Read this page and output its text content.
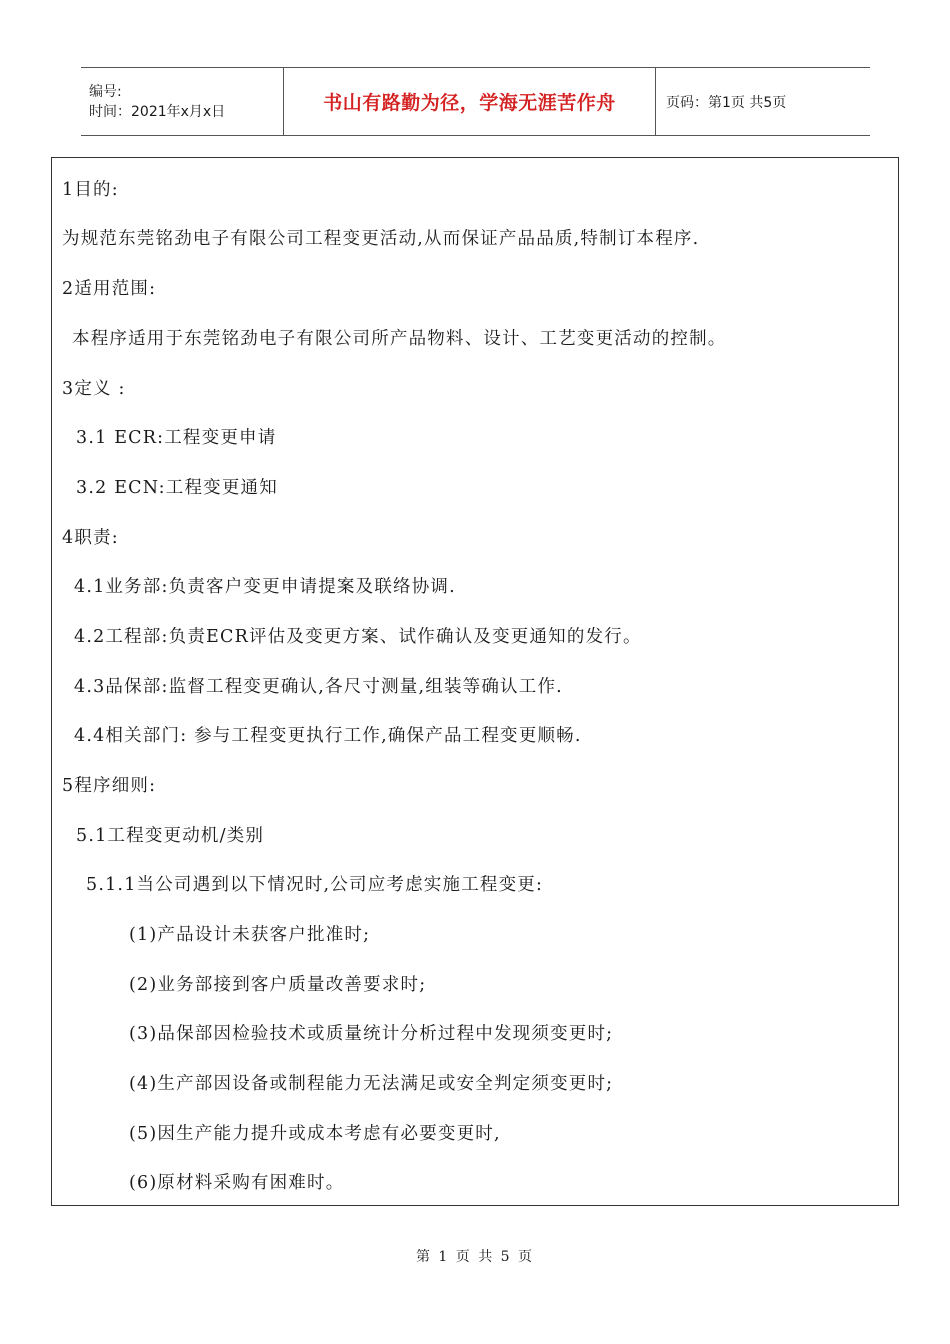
编号:
时间：2021年x月x日	书山有路勤为径，学海无涯苦作舟	页码：第1页 共5页
1目的:
为规范东莞铭劲电子有限公司工程变更活动,从而保证产品品质,特制订本程序.
2适用范围:
本程序适用于东莞铭劲电子有限公司所产品物料、设计、工艺变更活动的控制。
3定义 :
3.1 ECR:工程变更申请
3.2 ECN:工程变更通知
4职责:
4.1业务部:负责客户变更申请提案及联络协调.
4.2工程部:负责ECR评估及变更方案、试作确认及变更通知的发行。
4.3品保部:监督工程变更确认,各尺寸测量,组装等确认工作.
4.4相关部门: 参与工程变更执行工作,确保产品工程变更顺畅.
5程序细则:
5.1工程变更动机/类别
5.1.1当公司遇到以下情况时,公司应考虑实施工程变更:
(1)产品设计未获客户批准时;
(2)业务部接到客户质量改善要求时;
(3)品保部因检验技术或质量统计分析过程中发现须变更时;
(4)生产部因设备或制程能力无法满足或安全判定须变更时;
(5)因生产能力提升或成本考虑有必要变更时,
(6)原材料采购有困难时。
第 1 页 共 5 页
